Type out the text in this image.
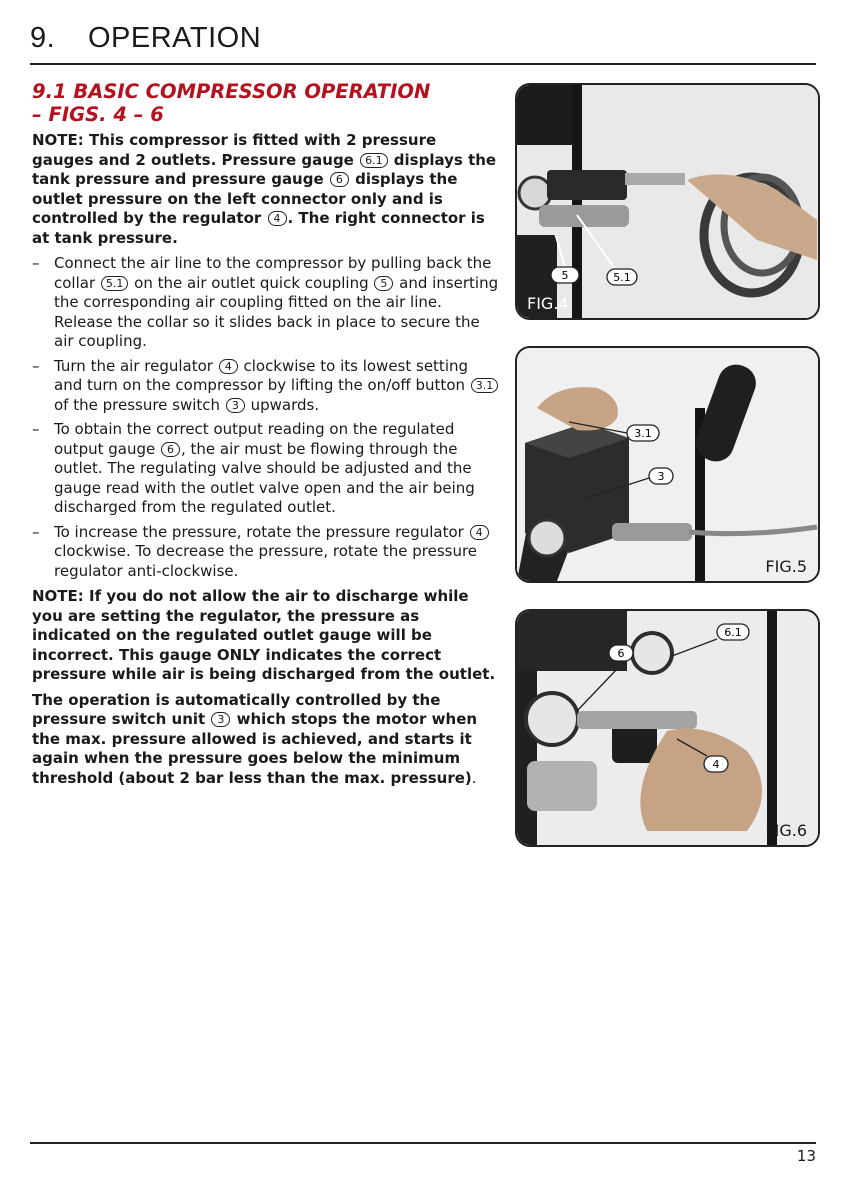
9. OPERATION
9.1 BASIC COMPRESSOR OPERATION
– FIGS. 4 – 6

NOTE: This compressor is fitted with 2 pressure gauges and 2 outlets. Pressure gauge 6.1 displays the tank pressure and pressure gauge 6 displays the outlet pressure on the left connector only and is controlled by the regulator 4 . The right connector is at tank pressure.

– Connect the air line to the compressor by pulling back the collar 5.1 on the air outlet quick coupling 5 and inserting the corresponding air coupling fitted on the air line. Release the collar so it slides back in place to secure the air coupling.
– Turn the air regulator 4 clockwise to its lowest setting and turn on the compressor by lifting the on/off button 3.1 of the pressure switch 3 upwards.
– To obtain the correct output reading on the regulated output gauge 6 , the air must be flowing through the outlet. The regulating valve should be adjusted and the gauge read with the outlet valve open and the air being discharged from the regulated outlet.
– To increase the pressure, rotate the pressure regulator 4 clockwise. To decrease the pressure, rotate the pressure regulator anti-clockwise.

NOTE: If you do not allow the air to discharge while you are setting the regulator, the pressure as indicated on the regulated outlet gauge will be incorrect. This gauge ONLY indicates the correct pressure while air is being discharged from the outlet.

The operation is automatically controlled by the pressure switch unit 3 which stops the motor when the max. pressure allowed is achieved, and starts it again when the pressure goes below the minimum threshold (about 2 bar less than the max. pressure).

5	5.1
FIG.4
3.1
3
FIG.5
6.1
6
4
FIG.6
13
